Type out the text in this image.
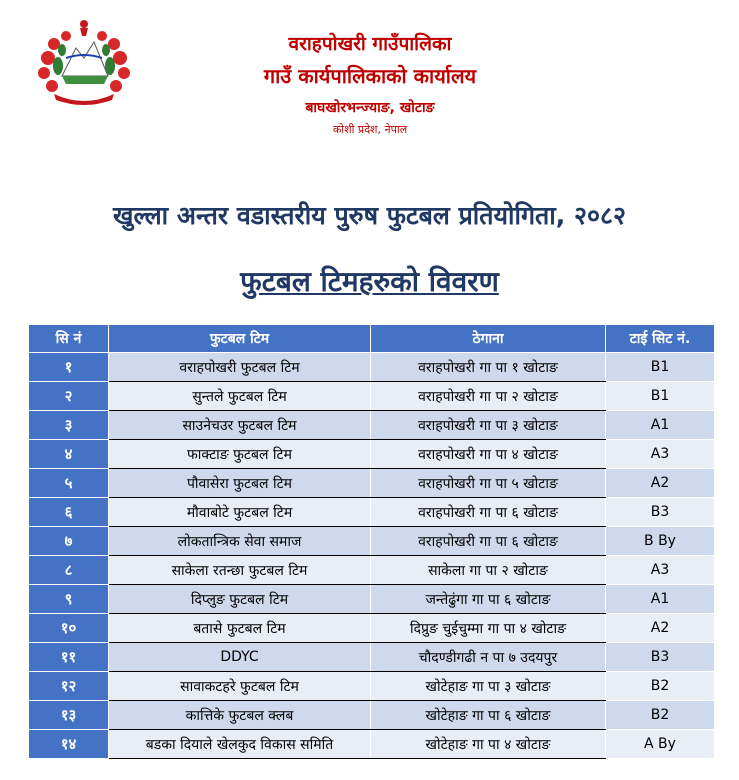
वराहपोखरी गाउँपालिका
गाउँ कार्यपालिकाको कार्यालय
बाघखोरभन्ज्याङ, खोटाङ
कोशी प्रदेश, नेपाल
खुल्ला अन्तर वडास्तरीय पुरुष फुटबल प्रतियोगिता, २०८२
फुटबल टिमहरुको विवरण
सि नं	फुटबल टिम	ठेगाना	टाई सिट नं.
१	वराहपोखरी फुटबल टिम	वराहपोखरी गा पा १ खोटाङ	B1
२	सुन्तले फुटबल टिम	वराहपोखरी गा पा २ खोटाङ	B1
३	साउनेचउर फुटबल टिम	वराहपोखरी गा पा ३ खोटाङ	A1
४	फाक्टाङ फुटबल टिम	वराहपोखरी गा पा ४ खोटाङ	A3
५	पौवासेरा फुटबल टिम	वराहपोखरी गा पा ५ खोटाङ	A2
६	मौवाबोटे फुटबल टिम	वराहपोखरी गा पा ६ खोटाङ	B3
७	लोकतान्त्रिक सेवा समाज	वराहपोखरी गा पा ६ खोटाङ	B By
८	साकेला रतन्छा फुटबल टिम	साकेला गा पा २ खोटाङ	A3
९	दिप्लुङ फुटबल टिम	जन्तेढुंगा गा पा ६ खोटाङ	A1
१०	बतासे फुटबल टिम	दिप्रुङ चुईचुम्मा गा पा ४ खोटाङ	A2
११	DDYC	चौदण्डीगढी न पा ७ उदयपुर	B3
१२	सावाकटहरे फुटबल टिम	खोटेहाङ गा पा ३ खोटाङ	B2
१३	कात्तिके फुटबल क्लब	खोटेहाङ गा पा ६ खोटाङ	B2
१४	बडका दियाले खेलकुद विकास समिति	खोटेहाङ गा पा ४ खोटाङ	A By
